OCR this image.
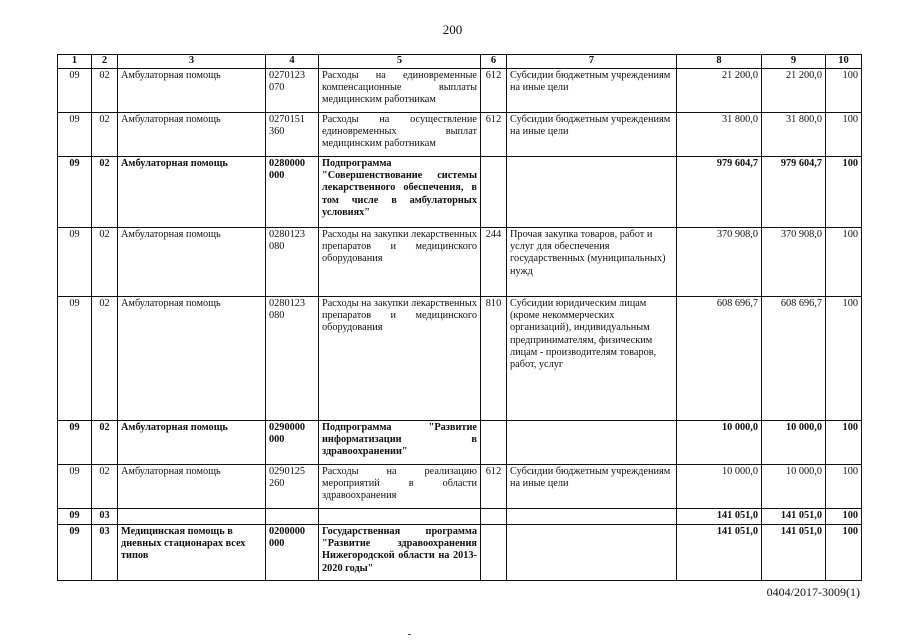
200
1	2	3	4	5	6	7	8	9	10
09	02	Амбулаторная помощь	0270123 070	Расходы на единовременные компенсационные выплаты медицинским работникам	612	Субсидии бюджетным учреждениям на иные цели	21 200,0	21 200,0	100
09	02	Амбулаторная помощь	0270151 360	Расходы на осуществление единовременных выплат медицинским работникам	612	Субсидии бюджетным учреждениям на иные цели	31 800,0	31 800,0	100
09	02	Амбулаторная помощь	0280000 000	Подпрограмма "Совершенствование системы лекарственного обеспечения, в том числе в амбулаторных условиях"			979 604,7	979 604,7	100
09	02	Амбулаторная помощь	0280123 080	Расходы на закупки лекарственных препаратов и медицинского оборудования	244	Прочая закупка товаров, работ и услуг для обеспечения государственных (муниципальных) нужд	370 908,0	370 908,0	100
09	02	Амбулаторная помощь	0280123 080	Расходы на закупки лекарственных препаратов и медицинского оборудования	810	Субсидии юридическим лицам (кроме некоммерческих организаций), индивидуальным предпринимателям, физическим лицам - производителям товаров, работ, услуг	608 696,7	608 696,7	100
09	02	Амбулаторная помощь	0290000 000	Подпрограмма "Развитие информатизации в здравоохранении"			10 000,0	10 000,0	100
09	02	Амбулаторная помощь	0290125 260	Расходы на реализацию мероприятий в области здравоохранения	612	Субсидии бюджетным учреждениям на иные цели	10 000,0	10 000,0	100
09	03						141 051,0	141 051,0	100
09	03	Медицинская помощь в дневных стационарах всех типов	0200000 000	Государственная программа "Развитие здравоохранения Нижегородской области на 2013-2020 годы"			141 051,0	141 051,0	100
0404/2017-3009(1)
